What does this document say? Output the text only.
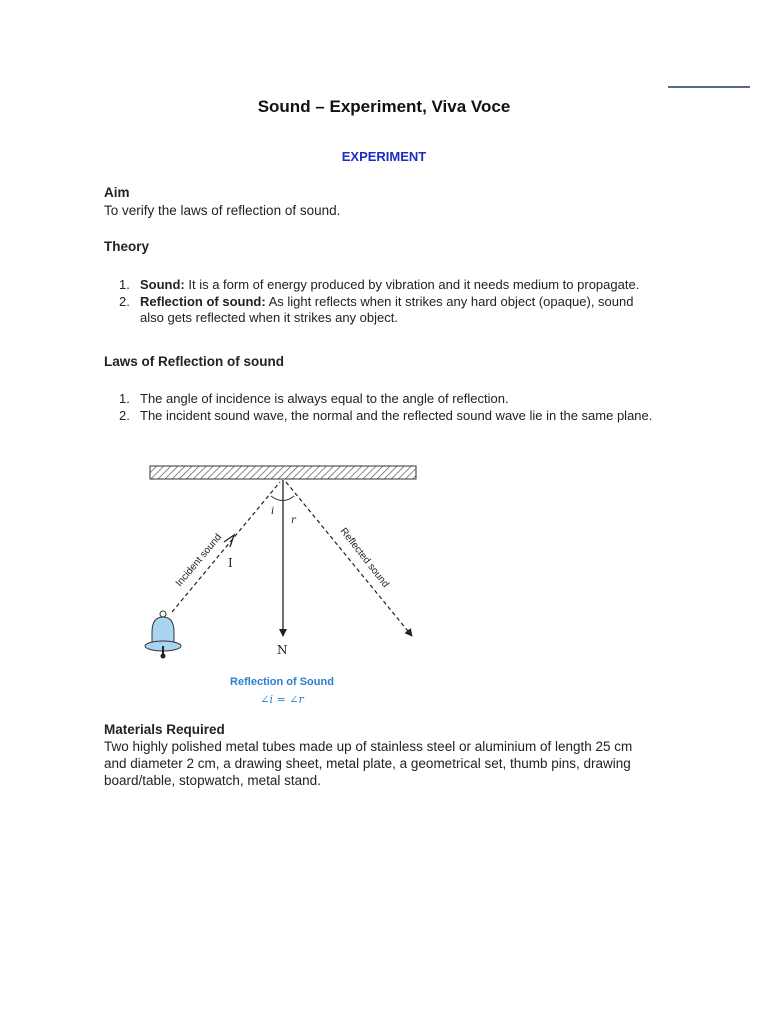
Sound – Experiment, Viva Voce
EXPERIMENT
Aim
To verify the laws of reflection of sound.
Theory
1. Sound: It is a form of energy produced by vibration and it needs medium to propagate.
2. Reflection of sound: As light reflects when it strikes any hard object (opaque), sound also gets reflected when it strikes any object.
Laws of Reflection of sound
1. The angle of incidence is always equal to the angle of reflection.
2. The incident sound wave, the normal and the reflected sound wave lie in the same plane.
i
r
I
N
Incident sound	Reflected sound
Reflection of Sound
∠i = ∠r
Materials Required
Two highly polished metal tubes made up of stainless steel or aluminium of length 25 cm and diameter 2 cm, a drawing sheet, metal plate, a geometrical set, thumb pins, drawing board/table, stopwatch, metal stand.
